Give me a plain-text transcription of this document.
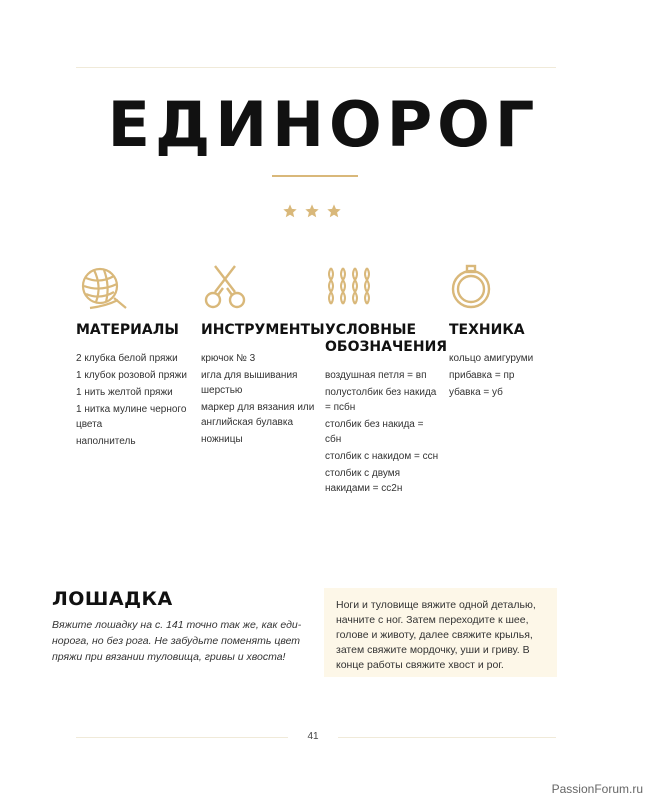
ЕДИНОРОГ
МАТЕРИАЛЫ
2 клубка белой пряжи
1 клубок розовой пряжи
1 нить желтой пряжи
1 нитка мулине черного цвета
наполнитель
ИНСТРУМЕНТЫ
крючок № 3
игла для вышивания шерстью
маркер для вязания или английская булавка
ножницы
УСЛОВНЫЕ ОБОЗНАЧЕНИЯ
воздушная петля = вп
полустолбик без накида = псбн
столбик без накида = сбн
столбик с накидом = ссн
столбик с двумя накидами = сс2н
ТЕХНИКА
кольцо амигуруми
прибавка = пр
убавка = уб
ЛОШАДКА

Вяжите лошадку на с. 141 точно так же, как еди-норога, но без рога. Не забудьте поменять цвет пряжи при вязании туловища, гривы и хвоста!

Ноги и туловище вяжите одной деталью, начните с ног. Затем переходите к шее, голове и животу, далее свяжите крылья, затем свяжите мордочку, уши и гриву. В конце работы свяжите хвост и рог.

41
PassionForum.ru
